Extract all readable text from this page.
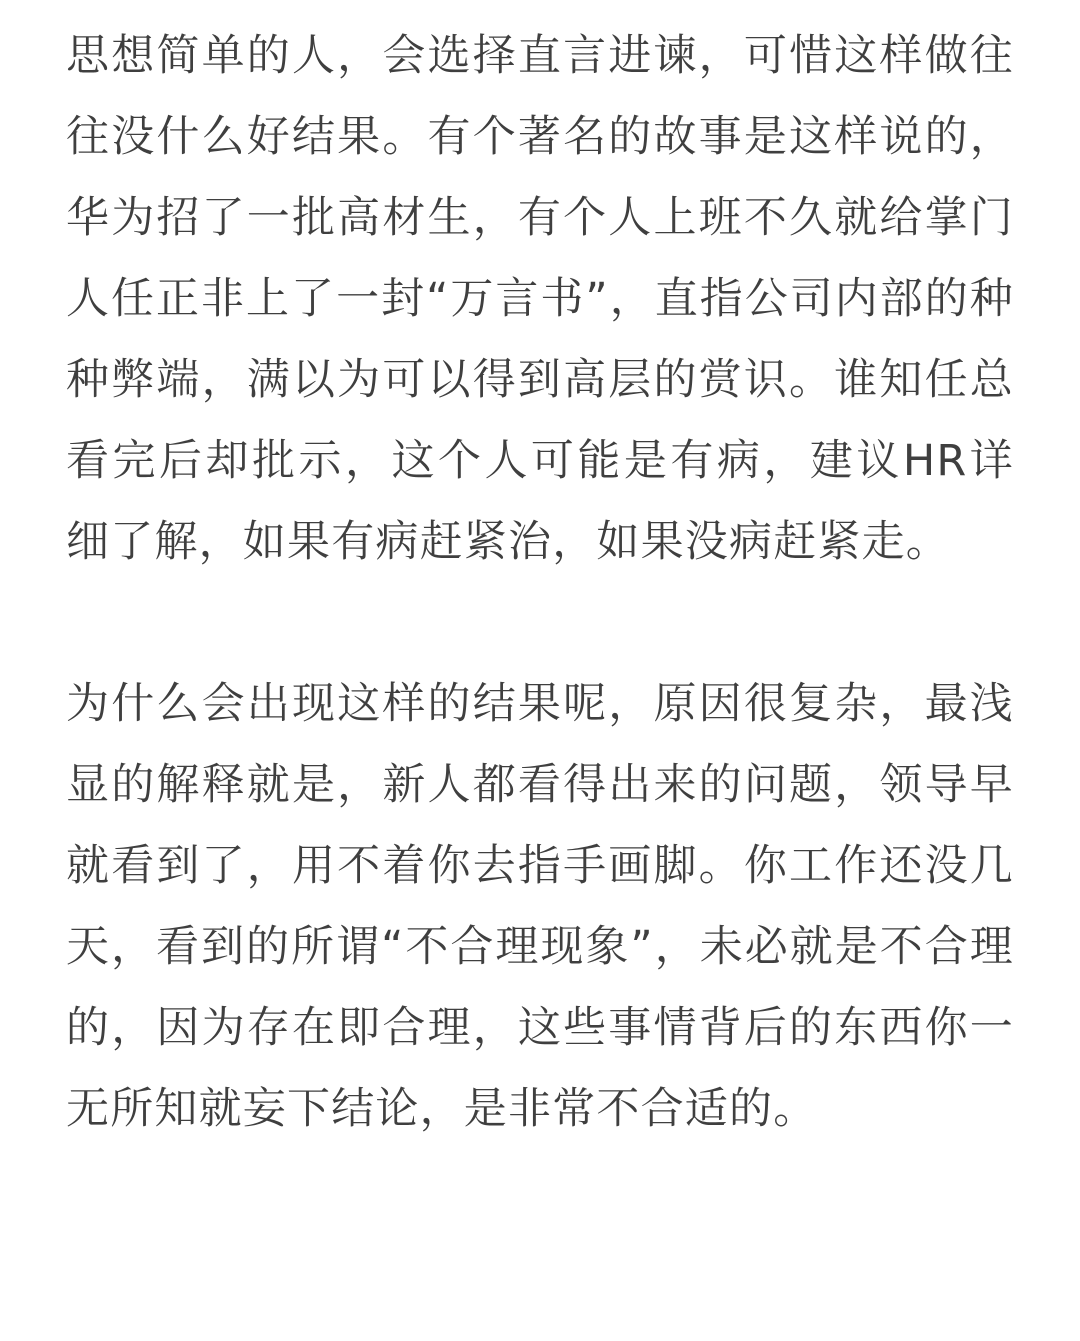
思想简单的人，会选择直言进谏，可惜这样做往往没什么好结果。有个著名的故事是这样说的，华为招了一批高材生，有个人上班不久就给掌门人任正非上了一封“万言书”，直指公司内部的种种弊端，满以为可以得到高层的赏识。谁知任总看完后却批示，这个人可能是有病，建议HR详细了解，如果有病赶紧治，如果没病赶紧走。

为什么会出现这样的结果呢，原因很复杂，最浅显的解释就是，新人都看得出来的问题，领导早就看到了，用不着你去指手画脚。你工作还没几天，看到的所谓“不合理现象”，未必就是不合理的，因为存在即合理，这些事情背后的东西你一无所知就妄下结论，是非常不合适的。
